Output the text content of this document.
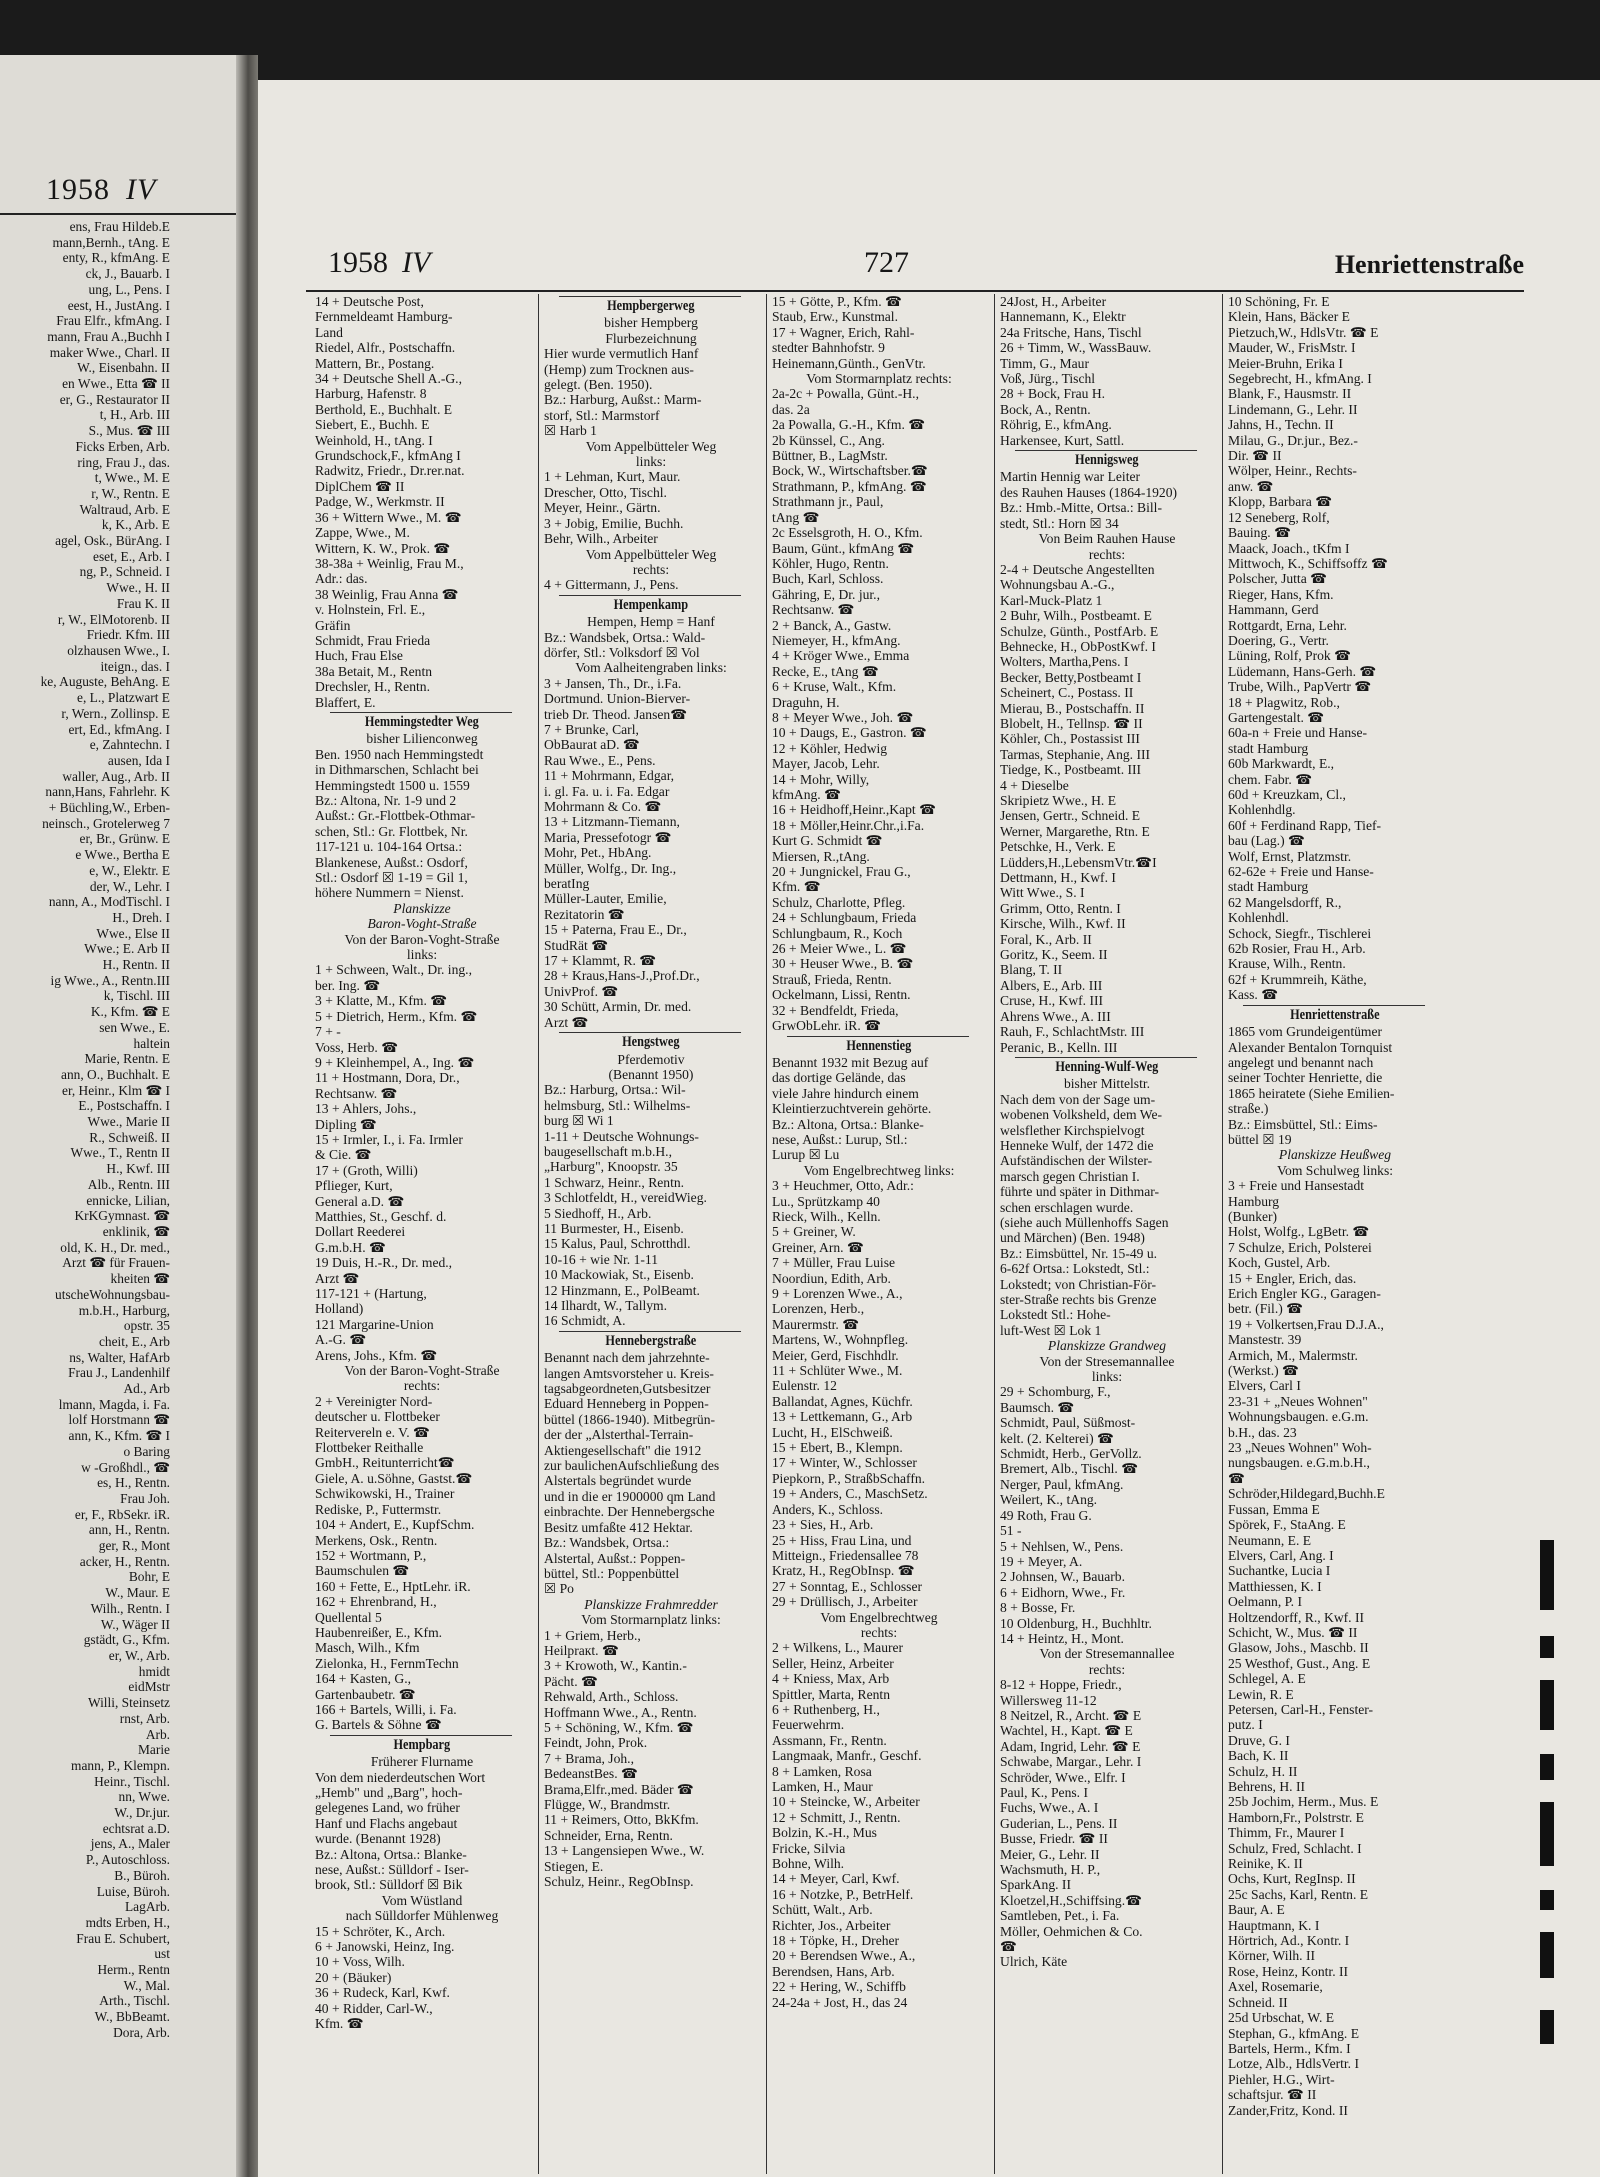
1958 IV
ens, Frau Hildeb.E
mann,Bernh., tAng. E
enty, R., kfmAng. E
ck, J., Bauarb. I
ung, L., Pens. I
eest, H., JustAng. I
Frau Elfr., kfmAng. I
mann, Frau A.,Buchh I
maker Wwe., Charl. II
W., Eisenbahn. II
en Wwe., Etta ☎ II
er, G., Restaurator II
t, H., Arb. III
S., Mus. ☎ III
Ficks Erben, Arb.
ring, Frau J., das.
t, Wwe., M. E
r, W., Rentn. E
Waltraud, Arb. E
k, K., Arb. E
agel, Osk., BürAng. I
eset, E., Arb. I
ng, P., Schneid. I
Wwe., H. II
Frau K. II
r, W., ElMotorenb. II
Friedr. Kfm. III
olzhausen Wwe., I.
iteign., das. I
ke, Auguste, BehAng. E
e, L., Platzwart E
r, Wern., Zollinsp. E
ert, Ed., kfmAng. I
e, Zahntechn. I
ausen, Ida I
waller, Aug., Arb. II
nann,Hans, Fahrlehr. K
+ Büchling,W., Erben-
neinsch., Grotelerweg 7
er, Br., Grünw. E
e Wwe., Bertha E
e, W., Elektr. E
der, W., Lehr. I
nann, A., ModTischl. I
H., Dreh. I
Wwe., Else II
Wwe.; E. Arb II
H., Rentn. II
ig Wwe., A., Rentn.III
k, Tischl. III
K., Kfm. ☎ E
sen Wwe., E.
haltein
Marie, Rentn. E
ann, O., Buchhalt. E
er, Heinr., Klm ☎ I
E., Postschaffn. I
Wwe., Marie II
R., Schweiß. II
Wwe., T., Rentn II
H., Kwf. III
Alb., Rentn. III
ennicke, Lilian,
KrKGymnast. ☎
enklinik, ☎
old, K. H., Dr. med.,
Arzt ☎ für Frauen-
kheiten ☎
utscheWohnungsbau-
m.b.H., Harburg,
opstr. 35
cheit, E., Arb
ns, Walter, HafArb
Frau J., Landenhilf
Ad., Arb
lmann, Magda, i. Fa.
lolf Horstmann ☎
ann, K., Kfm. ☎ I
o Baring
w -Großhdl., ☎
es, H., Rentn.
Frau Joh.
er, F., RbSekr. iR.
ann, H., Rentn.
ger, R., Mont
acker, H., Rentn.
Bohr, E
W., Maur. E
Wilh., Rentn. I
W., Wäger II
gstädt, G., Kfm.
er, W., Arb.
hmidt
eidMstr
Willi, Steinsetz
rnst, Arb.
Arb.
Marie
mann, P., Klempn.
Heinr., Tischl.
nn, Wwe.
W., Dr.jur.
echtsrat a.D.
jens, A., Maler
P., Autoschloss.
B., Büroh.
Luise, Büroh.
LagArb.
mdts Erben, H.,
Frau E. Schubert,
ust
Herm., Rentn
W., Mal.
Arth., Tischl.
W., BbBeamt.
Dora, Arb.
1958 IV	727	Henriettenstraße
14 + Deutsche Post,
Fernmeldeamt Hamburg-
Land
Riedel, Alfr., Postschaffn.
Mattern, Br., Postang.
34 + Deutsche Shell A.-G.,
Harburg, Hafenstr. 8
Berthold, E., Buchhalt. E
Siebert, E., Buchh. E
Weinhold, H., tAng. I
Grundschock,F., kfmAng I
Radwitz, Friedr., Dr.rer.nat.
DiplChem ☎ II
Padge, W., Werkmstr. II
36 + Wittern Wwe., M. ☎
Zappe, Wwe., M.
Wittern, K. W., Prok. ☎
38-38a + Weinlig, Frau M.,
Adr.: das.
38 Weinlig, Frau Anna ☎
v. Holnstein, Frl. E.,
Gräfin
Schmidt, Frau Frieda
Huch, Frau Else
38a Betait, M., Rentn
Drechsler, H., Rentn.
Blaffert, E.
Hemmingstedter Weg
bisher Lilienconweg
Ben. 1950 nach Hemmingstedt
in Dithmarschen, Schlacht bei
Hemmingstedt 1500 u. 1559
Bz.: Altona, Nr. 1-9 und 2
Außst.: Gr.-Flottbek-Othmar-
schen, Stl.: Gr. Flottbek, Nr.
117-121 u. 104-164 Ortsa.:
Blankenese, Außst.: Osdorf,
Stl.: Osdorf ☒ 1-19 = Gil 1,
höhere Nummern = Nienst.
Planskizze
Baron-Voght-Straße
Von der Baron-Voght-Straße
links:
1 + Schween, Walt., Dr. ing.,
ber. Ing. ☎
3 + Klatte, M., Kfm. ☎
5 + Dietrich, Herm., Kfm. ☎
7 + -
Voss, Herb. ☎
9 + Kleinhempel, A., Ing. ☎
11 + Hostmann, Dora, Dr.,
Rechtsanw. ☎
13 + Ahlers, Johs.,
Dipling ☎
15 + Irmler, I., i. Fa. Irmler
& Cie. ☎
17 + (Groth, Willi)
Pflieger, Kurt,
General a.D. ☎
Matthies, St., Geschf. d.
Dollart Reederei
G.m.b.H. ☎
19 Duis, H.-R., Dr. med.,
Arzt ☎
117-121 + (Hartung,
Holland)
121 Margarine-Union
A.-G. ☎
Arens, Johs., Kfm. ☎
Von der Baron-Voght-Straße
rechts:
2 + Vereinigter Nord-
deutscher u. Flottbeker
Reitervereln e. V. ☎
Flottbeker Reithalle
GmbH., Reitunterricht☎
Giele, A. u.Söhne, Gastst.☎
Schwikowski, H., Trainer
Rediske, P., Futtermstr.
104 + Andert, E., KupfSchm.
Merkens, Osk., Rentn.
152 + Wortmann, P.,
Baumschulen ☎
160 + Fette, E., HptLehr. iR.
162 + Ehrenbrand, H.,
Quellental 5
Haubenreißer, E., Kfm.
Masch, Wilh., Kfm
Zielonka, H., FernmTechn
164 + Kasten, G.,
Gartenbaubetr. ☎
166 + Bartels, Willi, i. Fa.
G. Bartels & Söhne ☎
Hempbarg
Früherer Flurname
Von dem niederdeutschen Wort
„Hemb" und „Barg", hoch-
gelegenes Land, wo früher
Hanf und Flachs angebaut
wurde. (Benannt 1928)
Bz.: Altona, Ortsa.: Blanke-
nese, Außst.: Sülldorf - Iser-
brook, Stl.: Sülldorf ☒ Bik
Vom Wüstland
nach Sülldorfer Mühlenweg
15 + Schröter, K., Arch.
6 + Janowski, Heinz, Ing.
10 + Voss, Wilh.
20 + (Bäuker)
36 + Rudeck, Karl, Kwf.
40 + Ridder, Carl-W.,
Kfm. ☎
Hempbergerweg
bisher Hempberg
Flurbezeichnung
Hier wurde vermutlich Hanf
(Hemp) zum Trocknen aus-
gelegt. (Ben. 1950).
Bz.: Harburg, Außst.: Marm-
storf, Stl.: Marmstorf
☒ Harb 1
Vom Appelbütteler Weg
links:
1 + Lehman, Kurt, Maur.
Drescher, Otto, Tischl.
Meyer, Heinr., Gärtn.
3 + Jobig, Emilie, Buchh.
Behr, Wilh., Arbeiter
Vom Appelbütteler Weg
rechts:
4 + Gittermann, J., Pens.
Hempenkamp
Hempen, Hemp = Hanf
Bz.: Wandsbek, Ortsa.: Wald-
dörfer, Stl.: Volksdorf ☒ Vol
Vom Aalheitengraben links:
3 + Jansen, Th., Dr., i.Fa.
Dortmund. Union-Bierver-
trieb Dr. Theod. Jansen☎
7 + Brunke, Carl,
ObBaurat aD. ☎
Rau Wwe., E., Pens.
11 + Mohrmann, Edgar,
i. gl. Fa. u. i. Fa. Edgar
Mohrmann & Co. ☎
13 + Litzmann-Tiemann,
Maria, Pressefotogr ☎
Mohr, Pet., HbAng.
Müller, Wolfg., Dr. Ing.,
beratIng
Müller-Lauter, Emilie,
Rezitatorin ☎
15 + Paterna, Frau E., Dr.,
StudRät ☎
17 + Klammt, R. ☎
28 + Kraus,Hans-J.,Prof.Dr.,
UnivProf. ☎
30 Schütt, Armin, Dr. med.
Arzt ☎
Hengstweg
Pferdemotiv
(Benannt 1950)
Bz.: Harburg, Ortsa.: Wil-
helmsburg, Stl.: Wilhelms-
burg ☒ Wi 1
1-11 + Deutsche Wohnungs-
baugesellschaft m.b.H.,
„Harburg", Knoopstr. 35
1 Schwarz, Heinr., Rentn.
3 Schlotfeldt, H., vereidWieg.
5 Siedhoff, H., Arb.
11 Burmester, H., Eisenb.
15 Kalus, Paul, Schrotthdl.
10-16 + wie Nr. 1-11
10 Mackowiak, St., Eisenb.
12 Hinzmann, E., PolBeamt.
14 Ilhardt, W., Tallym.
16 Schmidt, A.
Hennebergstraße
Benannt nach dem jahrzehnte-
langen Amtsvorsteher u. Kreis-
tagsabgeordneten,Gutsbesitzer
Eduard Henneberg in Poppen-
büttel (1866-1940). Mitbegrün-
der der „Alsterthal-Terrain-
Aktiengesellschaft" die 1912
zur baulichenAufschließung des
Alstertals begründet wurde
und in die er 1900000 qm Land
einbrachte. Der Hennebergsche
Besitz umfaßte 412 Hektar.
Bz.: Wandsbek, Ortsa.:
Alstertal, Außst.: Poppen-
büttel, Stl.: Poppenbüttel
☒ Po
Planskizze Frahmredder
Vom Stormarnplatz links:
1 + Griem, Herb.,
Heilpraкt. ☎
3 + Krowoth, W., Kantin.-
Pächt. ☎
Rehwald, Arth., Schloss.
Hoffmann Wwe., A., Rentn.
5 + Schöning, W., Kfm. ☎
Feindt, John, Prok.
7 + Brama, Joh.,
BedeanstBes. ☎
Brama,Elfr.,med. Bäder ☎
Flügge, W., Brandmstr.
11 + Reimers, Otto, BkKfm.
Schneider, Erna, Rentn.
13 + Langensiepen Wwe., W.
Stiegen, E.
Schulz, Heinr., RegObInsp.
15 + Götte, P., Kfm. ☎
Staub, Erw., Kunstmal.
17 + Wagner, Erich, Rahl-
stedter Bahnhofstr. 9
Heinemann,Günth., GenVtr.
Vom Stormarnplatz rechts:
2a-2c + Powalla, Günt.-H.,
das. 2a
2a Powalla, G.-H., Kfm. ☎
2b Künssel, C., Ang.
Büttner, B., LagMstr.
Bock, W., Wirtschaftsber.☎
Strathmann, P., kfmAng. ☎
Strathmann jr., Paul,
tAng ☎
2c Esselsgroth, H. O., Kfm.
Baum, Günt., kfmAng ☎
Köhler, Hugo, Rentn.
Buch, Karl, Schloss.
Gähring, E, Dr. jur.,
Rechtsanw. ☎
2 + Banck, A., Gastw.
Niemeyer, H., kfmAng.
4 + Kröger Wwe., Emma
Recke, E., tAng ☎
6 + Kruse, Walt., Kfm.
Draguhn, H.
8 + Meyer Wwe., Joh. ☎
10 + Daugs, E., Gastron. ☎
12 + Köhler, Hedwig
Mayer, Jacob, Lehr.
14 + Mohr, Willy,
kfmAng. ☎
16 + Heidhoff,Heinr.,Kapt ☎
18 + Möller,Heinr.Chr.,i.Fa.
Kurt G. Schmidt ☎
Miersen, R.,tAng.
20 + Jungnickel, Frau G.,
Kfm. ☎
Schulz, Charlotte, Pfleg.
24 + Schlungbaum, Frieda
Schlungbaum, R., Koch
26 + Meier Wwe., L. ☎
30 + Heuser Wwe., B. ☎
Strauß, Frieda, Rentn.
Ockelmann, Lissi, Rentn.
32 + Bendfeldt, Frieda,
GrwObLehr. iR. ☎
Hennenstieg
Benannt 1932 mit Bezug auf
das dortige Gelände, das
viele Jahre hindurch einem
Kleintierzuchtverein gehörte.
Bz.: Altona, Ortsa.: Blanke-
nese, Außst.: Lurup, Stl.:
Lurup ☒ Lu
Vom Engelbrechtweg links:
3 + Heuchmer, Otto, Adr.:
Lu., Sprützkamp 40
Rieck, Wilh., Kelln.
5 + Greiner, W.
Greiner, Arn. ☎
7 + Müller, Frau Luise
Noordiun, Edith, Arb.
9 + Lorenzen Wwe., A.,
Lorenzen, Herb.,
Maurermstr. ☎
Martens, W., Wohnpfleg.
Meier, Gerd, Fischhdlr.
11 + Schlüter Wwe., M.
Eulenstr. 12
Ballandat, Agnes, Küchfr.
13 + Lettkemann, G., Arb
Lucht, H., ElSchweiß.
15 + Ebert, B., Klempn.
17 + Winter, W., Schlosser
Piepkorn, P., StraßbSchaffn.
19 + Anders, C., MaschSetz.
Anders, K., Schloss.
23 + Sies, H., Arb.
25 + Hiss, Frau Lina, und
Mitteign., Friedensallee 78
Kratz, H., RegObInsp. ☎
27 + Sonntag, E., Schlosser
29 + Drüllisch, J., Arbeiter
Vom Engelbrechtweg
rechts:
2 + Wilkens, L., Maurer
Seller, Heinz, Arbeiter
4 + Kniess, Max, Arb
Spittler, Marta, Rentn
6 + Ruthenberg, H.,
Feuerwehrm.
Assmann, Fr., Rentn.
Langmaak, Manfr., Geschf.
8 + Lamken, Rosa
Lamken, H., Maur
10 + Steincke, W., Arbeiter
12 + Schmitt, J., Rentn.
Bolzin, K.-H., Mus
Fricke, Silvia
Bohne, Wilh.
14 + Meyer, Carl, Kwf.
16 + Notzke, P., BetrHelf.
Schütt, Walt., Arb.
Richter, Jos., Arbeiter
18 + Töpke, H., Dreher
20 + Berendsen Wwe., A.,
Berendsen, Hans, Arb.
22 + Hering, W., Schiffb
24-24a + Jost, H., das 24
24Jost, H., Arbeiter
Hannemann, K., Elektr
24a Fritsche, Hans, Tischl
26 + Timm, W., WassBauw.
Timm, G., Maur
Voß, Jürg., Tischl
28 + Bock, Frau H.
Bock, A., Rentn.
Röhrig, E., kfmAng.
Harkensee, Kurt, Sattl.
Hennigsweg
Martin Hennig war Leiter
des Rauhen Hauses (1864-1920)
Bz.: Hmb.-Mitte, Ortsa.: Bill-
stedt, Stl.: Horn ☒ 34
Von Beim Rauhen Hause
rechts:
2-4 + Deutsche Angestellten
Wohnungsbau A.-G.,
Karl-Muck-Platz 1
2 Buhr, Wilh., Postbeamt. E
Schulze, Günth., PostfArb. E
Behnecke, H., ObPostKwf. I
Wolters, Martha,Pens. I
Becker, Betty,Postbeamt I
Scheinert, C., Postass. II
Mierau, B., Postschaffn. II
Blobelt, H., Tellnsp. ☎ II
Köhler, Ch., Postassist III
Tarmas, Stephanie, Ang. III
Tiedge, K., Postbeamt. III
4 + Dieselbe
Skripietz Wwe., H. E
Jensen, Gertr., Schneid. E
Werner, Margarethe, Rtn. E
Petschke, H., Verk. E
Lüdders,H.,LebensmVtr.☎I
Dettmann, H., Kwf. I
Witt Wwe., S. I
Grimm, Otto, Rentn. I
Kirsche, Wilh., Kwf. II
Foral, K., Arb. II
Goritz, K., Seem. II
Blang, T. II
Albers, E., Arb. III
Cruse, H., Kwf. III
Ahrens Wwe., A. III
Rauh, F., SchlachtMstr. III
Peranic, B., Kelln. III
Henning-Wulf-Weg
bisher Mittelstr.
Nach dem von der Sage um-
wobenen Volksheld, dem We-
welsflether Kirchspielvogt
Henneke Wulf, der 1472 die
Aufständischen der Wilster-
marsch gegen Christian I.
führte und später in Dithmar-
schen erschlagen wurde.
(siehe auch Müllenhoffs Sagen
und Märchen) (Ben. 1948)
Bz.: Eimsbüttel, Nr. 15-49 u.
6-62f Ortsa.: Lokstedt, Stl.:
Lokstedt; von Christian-För-
ster-Straße rechts bis Grenze
Lokstedt Stl.: Hohe-
luft-West ☒ Lok 1
Planskizze Grandweg
Von der Stresemannallee
links:
29 + Schomburg, F.,
Baumsch. ☎
Schmidt, Paul, Süßmost-
kelt. (2. Kelterei) ☎
Schmidt, Herb., GerVollz.
Bremert, Alb., Tischl. ☎
Nerger, Paul, kfmAng.
Weilert, K., tAng.
49 Roth, Frau G.
51 -
5 + Nehlsen, W., Pens.
19 + Meyer, A.
2 Johnsen, W., Bauarb.
6 + Eidhorn, Wwe., Fr.
8 + Bosse, Fr.
10 Oldenburg, H., Buchhltr.
14 + Heintz, H., Mont.
Von der Stresemannallee
rechts:
8-12 + Hoppe, Friedr.,
Willersweg 11-12
8 Neitzel, R., Archt. ☎ E
Wachtel, H., Kapt. ☎ E
Adam, Ingrid, Lehr. ☎ E
Schwabe, Margar., Lehr. I
Schröder, Wwe., Elfr. I
Paul, K., Pens. I
Fuchs, Wwe., A. I
Guderian, L., Pens. II
Busse, Friedr. ☎ II
Meier, G., Lehr. II
Wachsmuth, H. P.,
SparkAng. II
Kloetzel,H.,Schiffsing.☎
Samtleben, Pet., i. Fa.
Möller, Oehmichen & Co.
☎
Ulrich, Käte
10 Schöning, Fr. E
Klein, Hans, Bäcker E
Pietzuch,W., HdlsVtr. ☎ E
Mauder, W., FrisMstr. I
Meier-Bruhn, Erika I
Segebrecht, H., kfmAng. I
Blank, F., Hausmstr. II
Lindemann, G., Lehr. II
Jahns, H., Techn. II
Milau, G., Dr.jur., Bez.-
Dir. ☎ II
Wölper, Heinr., Rechts-
anw. ☎
Klopp, Barbara ☎
12 Seneberg, Rolf,
Bauing. ☎
Maack, Joach., tKfm I
Mittwoch, K., Schiffsoffz ☎
Polscher, Jutta ☎
Rieger, Hans, Kfm.
Hammann, Gerd
Rottgardt, Erna, Lehr.
Doering, G., Vertr.
Lüning, Rolf, Prok ☎
Lüdemann, Hans-Gerh. ☎
Trube, Wilh., PapVertr ☎
18 + Plagwitz, Rob.,
Gartengestalt. ☎
60a-n + Freie und Hanse-
stadt Hamburg
60b Markwardt, E.,
chem. Fabr. ☎
60d + Kreuzkam, Cl.,
Kohlenhdlg.
60f + Ferdinand Rapp, Tief-
bau (Lag.) ☎
Wolf, Ernst, Platzmstr.
62-62e + Freie und Hanse-
stadt Hamburg
62 Mangelsdorff, R.,
Kohlenhdl.
Schock, Siegfr., Tischlerei
62b Rosier, Frau H., Arb.
Krause, Wilh., Rentn.
62f + Krummreih, Käthe,
Kass. ☎
Henriettenstraße
1865 vom Grundeigentümer
Alexander Bentalon Tornquist
angelegt und benannt nach
seiner Tochter Henriette, die
1865 heiratete (Siehe Emilien-
straße.)
Bz.: Eimsbüttel, Stl.: Eims-
büttel ☒ 19
Planskizze Heußweg
Vom Schulweg links:
3 + Freie und Hansestadt
Hamburg
(Bunker)
Holst, Wolfg., LgBetr. ☎
7 Schulze, Erich, Polsterei
Koch, Gustel, Arb.
15 + Engler, Erich, das.
Erich Engler KG., Garagen-
betr. (Fil.) ☎
19 + Volkertsen,Frau D.J.A.,
Manstestr. 39
Armich, M., Malermstr.
(Werkst.) ☎
Elvers, Carl I
23-31 + „Neues Wohnen"
Wohnungsbaugen. e.G.m.
b.H., das. 23
23 „Neues Wohnen" Woh-
nungsbaugen. e.G.m.b.H.,
☎
Schröder,Hildegard,Buchh.E
Fussan, Emma E
Spörek, F., StaAng. E
Neumann, E. E
Elvers, Carl, Ang. I
Suchantke, Lucia I
Matthiessen, K. I
Oelmann, P. I
Holtzendorff, R., Kwf. II
Schicht, W., Mus. ☎ II
Glasow, Johs., Maschb. II
25 Westhof, Gust., Ang. E
Schlegel, A. E
Lewin, R. E
Petersen, Carl-H., Fenster-
putz. I
Druve, G. I
Bach, K. II
Schulz, H. II
Behrens, H. II
25b Jochim, Herm., Mus. E
Hamborn,Fr., Polstrstr. E
Thimm, Fr., Maurer I
Schulz, Fred, Schlacht. I
Reinike, K. II
Ochs, Kurt, RegInsp. II
25c Sachs, Karl, Rentn. E
Baur, A. E
Hauptmann, K. I
Hörtrich, Ad., Kontr. I
Körner, Wilh. II
Rose, Heinz, Kontr. II
Axel, Rosemarie,
Schneid. II
25d Urbschat, W. E
Stephan, G., kfmAng. E
Bartels, Herm., Kfm. I
Lotze, Alb., HdlsVertr. I
Piehler, H.G., Wirt-
schaftsjur. ☎ II
Zander,Fritz, Kond. II
